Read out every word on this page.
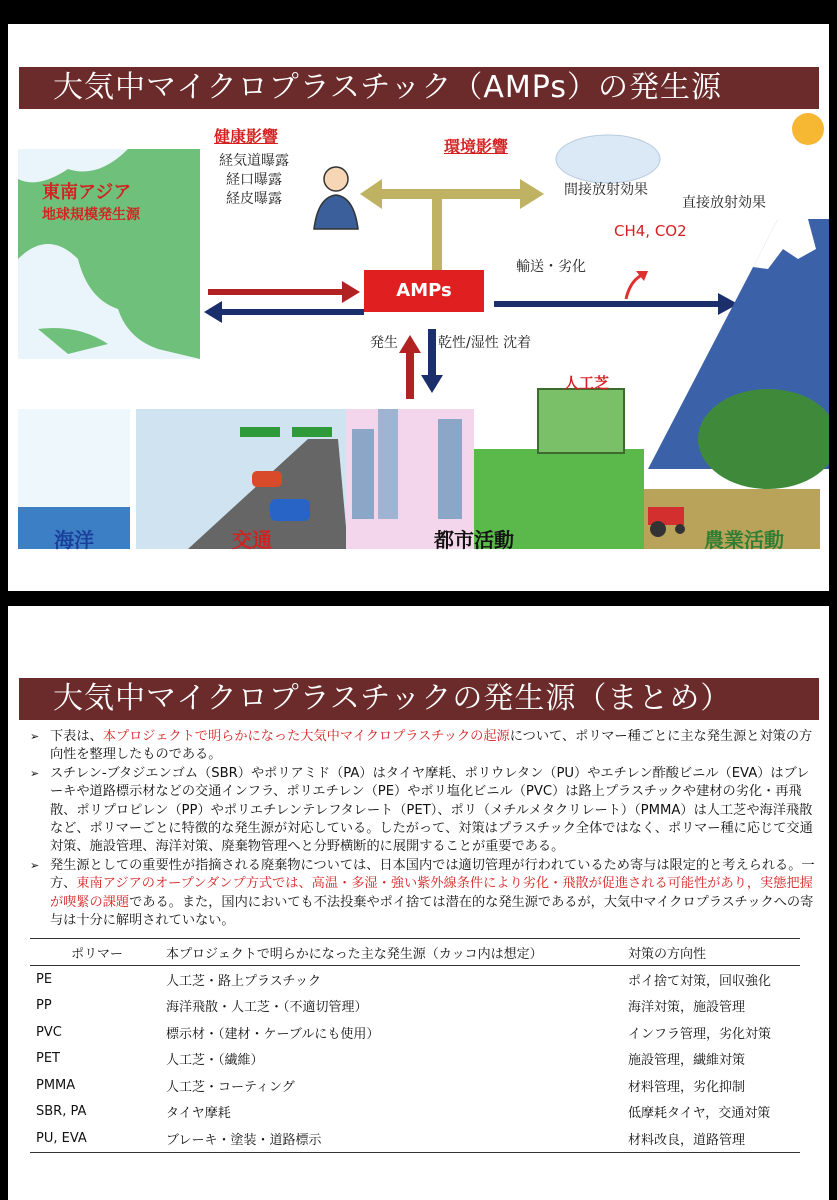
大気中マイクロプラスチック（AMPs）の発生源
AMPs
健康影響
経気道曝露
経口曝露
経皮曝露
環境影響
間接放射効果
直接放射効果
CH4, CO2
東南アジア
地球規模発生源
輸送・劣化
発生	乾性/湿性 沈着
人工芝
海洋	交通	都市活動	農業活動
大気中マイクロプラスチックの発生源（まとめ）

➢ 下表は、本プロジェクトで明らかになった大気中マイクロプラスチックの起源について、ポリマー種ごとに主な発生源と対策の方向性を整理したものである。

➢ スチレン-ブタジエンゴム（SBR）やポリアミド（PA）はタイヤ摩耗、ポリウレタン（PU）やエチレン酢酸ビニル（EVA）はブレーキや道路標示材などの交通インフラ、ポリエチレン（PE）やポリ塩化ビニル（PVC）は路上プラスチックや建材の劣化・再飛散、ポリプロピレン（PP）やポリエチレンテレフタレート（PET）、ポリ（メチルメタクリレート）（PMMA）は人工芝や海洋飛散など、ポリマーごとに特徴的な発生源が対応している。したがって、対策はプラスチック全体ではなく、ポリマー種に応じて交通対策、施設管理、海洋対策、廃棄物管理へと分野横断的に展開することが重要である。

➢ 発生源としての重要性が指摘される廃棄物については、日本国内では適切管理が行われているため寄与は限定的と考えられる。一方、東南アジアのオープンダンプ方式では、高温・多湿・強い紫外線条件により劣化・飛散が促進される可能性があり，実態把握が喫緊の課題である。また，国内においても不法投棄やポイ捨ては潜在的な発生源であるが，大気中マイクロプラスチックへの寄与は十分に解明されていない。

ポリマー	本プロジェクトで明らかになった主な発生源（カッコ内は想定）	対策の方向性
PE	人工芝・路上プラスチック	ポイ捨て対策，回収強化
PP	海洋飛散・人工芝・（不適切管理）	海洋対策，施設管理
PVC	標示材・（建材・ケーブルにも使用）	インフラ管理，劣化対策
PET	人工芝・（繊維）	施設管理，繊維対策
PMMA	人工芝・コーティング	材料管理，劣化抑制
SBR, PA	タイヤ摩耗	低摩耗タイヤ，交通対策
PU, EVA	ブレーキ・塗装・道路標示	材料改良，道路管理
